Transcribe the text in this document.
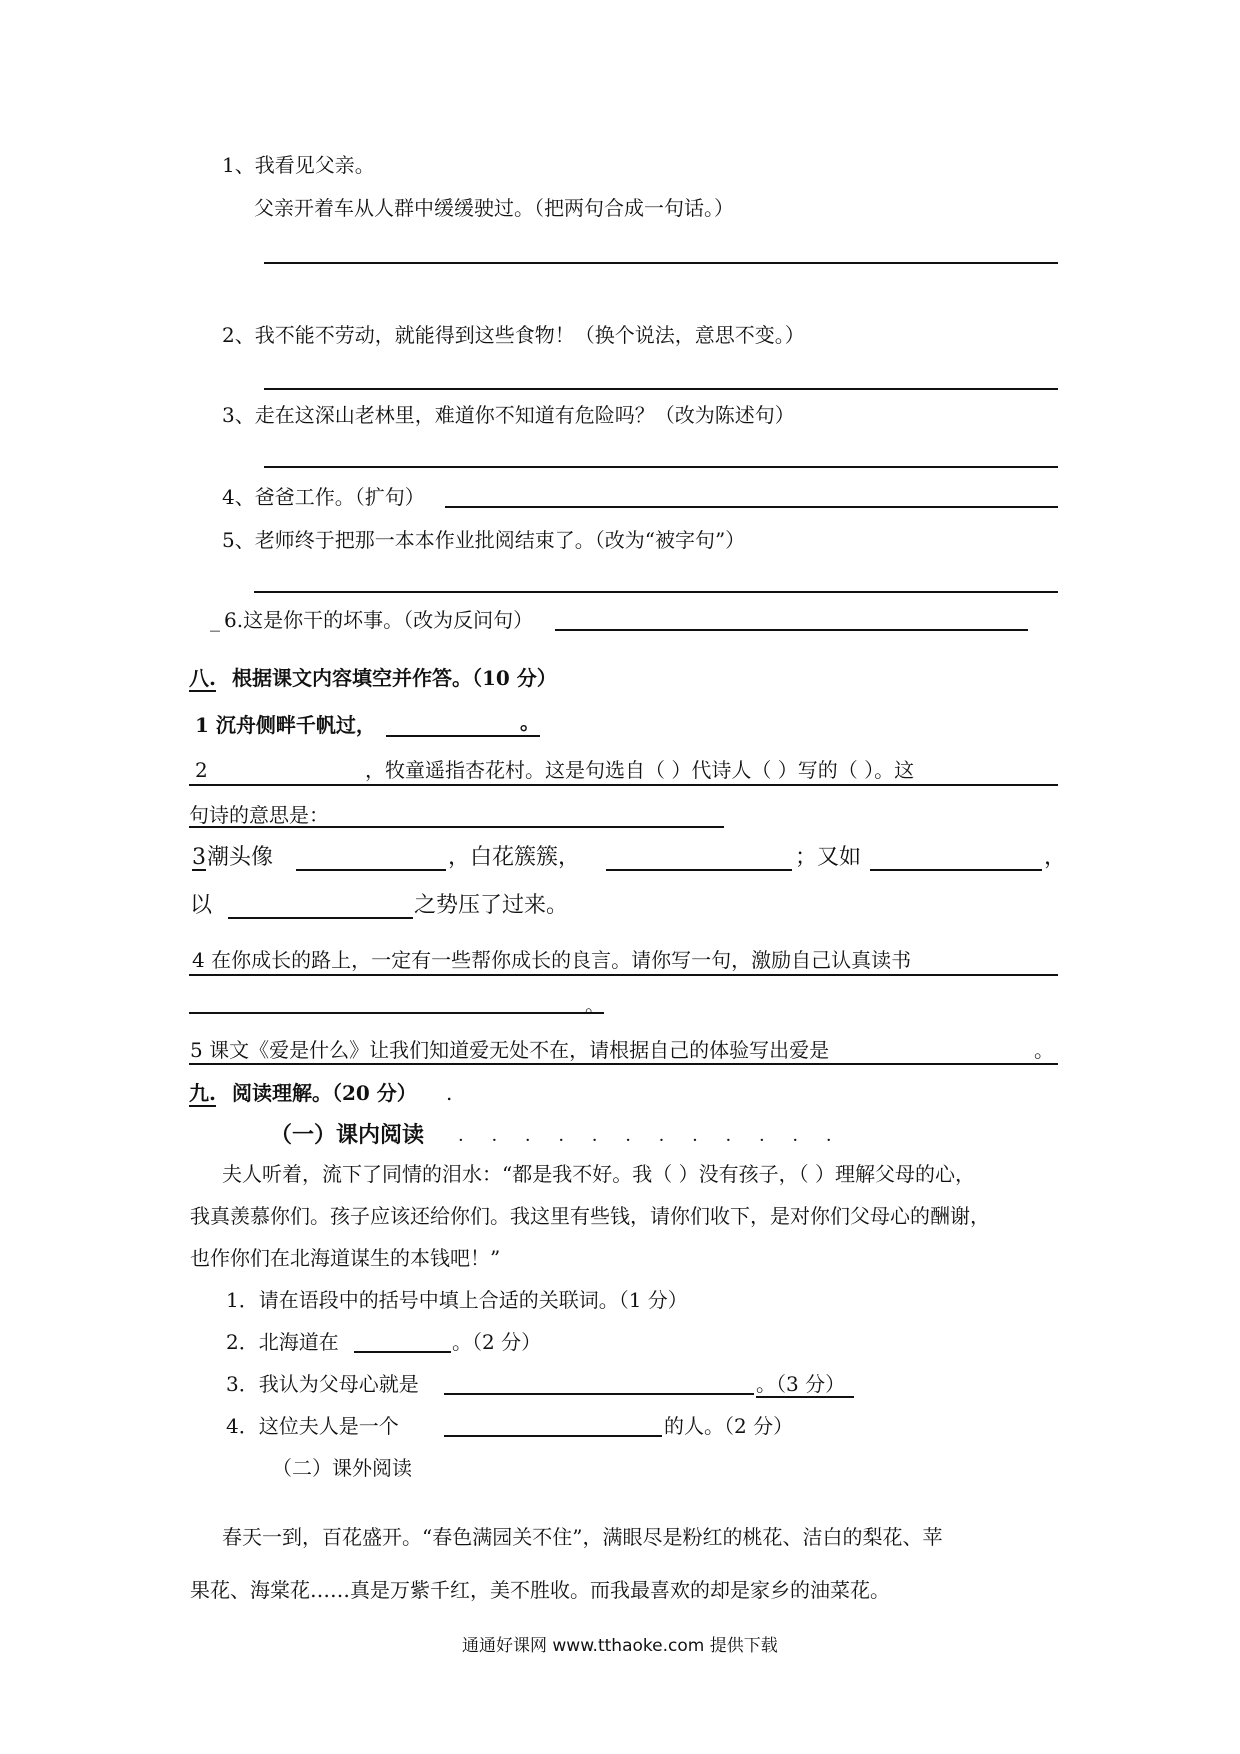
1、我看见父亲。
父亲开着车从人群中缓缓驶过。（把两句合成一句话。）
2、我不能不劳动，就能得到这些食物！（换个说法，意思不变。）
3、走在这深山老林里，难道你不知道有危险吗？（改为陈述句）
4、爸爸工作。（扩句）
5、老师终于把那一本本作业批阅结束了。（改为“被字句”）
_ 6.这是你干的坏事。（改为反问句）
八. 根据课文内容填空并作答。（10 分）
1 沉舟侧畔千帆过，	。
2	，牧童遥指杏花村。这是句选自（ ）代诗人（ ）写的（ ）。这
句诗的意思是：
3 潮头像	，白花簇簇，	；又如	，
以	之势压了过来。
4 在你成长的路上，一定有一些帮你成长的良言。请你写一句，激励自己认真读书
。
5 课文《爱是什么》让我们知道爱无处不在，请根据自己的体验写出爱是	。
九. 阅读理解。（20 分） .
（一）课内阅读 · · · · · · · · · · · ·
夫人听着，流下了同情的泪水：“都是我不好。我（ ）没有孩子，（ ）理解父母的心，
我真羡慕你们。孩子应该还给你们。我这里有些钱，请你们收下，是对你们父母心的酬谢，
也作你们在北海道谋生的本钱吧！”
1．请在语段中的括号中填上合适的关联词。（1 分）
2．北海道在	。（2 分）
3．我认为父母心就是	。（3 分）
4．这位夫人是一个	的人。（2 分）
（二）课外阅读
春天一到，百花盛开。“春色满园关不住”，满眼尽是粉红的桃花、洁白的梨花、苹
果花、海棠花……真是万紫千红，美不胜收。而我最喜欢的却是家乡的油菜花。
通通好课网 www.tthaoke.com 提供下载
